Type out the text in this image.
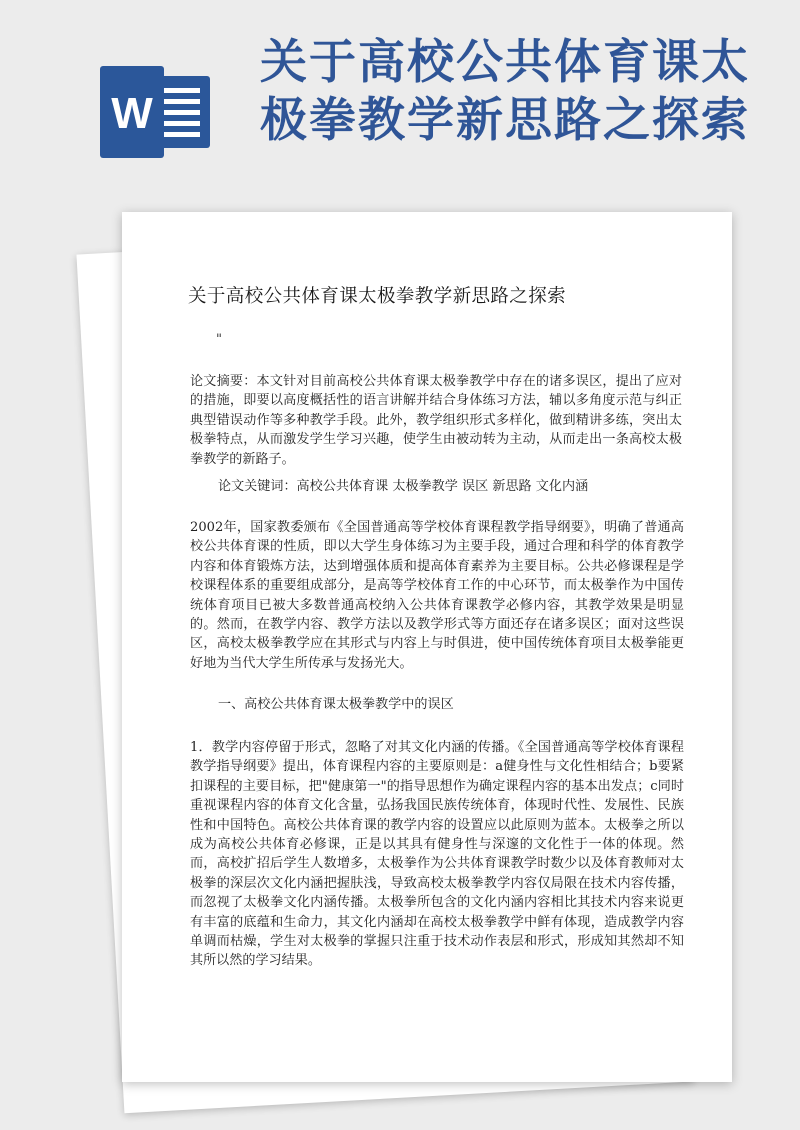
关于高校公共体育课太极拳教学新思路之探索
W
关于高校公共体育课太极拳教学新思路之探索
"

论文摘要：本文针对目前高校公共体育课太极拳教学中存在的诸多误区，提出了应对的措施，即要以高度概括性的语言讲解并结合身体练习方法，辅以多角度示范与纠正典型错误动作等多种教学手段。此外，教学组织形式多样化，做到精讲多练，突出太极拳特点，从而激发学生学习兴趣，使学生由被动转为主动，从而走出一条高校太极拳教学的新路子。

论文关键词：高校公共体育课 太极拳教学 误区 新思路 文化内涵

2002年，国家教委颁布《全国普通高等学校体育课程教学指导纲要》，明确了普通高校公共体育课的性质，即以大学生身体练习为主要手段，通过合理和科学的体育教学内容和体育锻炼方法，达到增强体质和提高体育素养为主要目标。公共必修课程是学校课程体系的重要组成部分，是高等学校体育工作的中心环节，而太极拳作为中国传统体育项目已被大多数普通高校纳入公共体育课教学必修内容，其教学效果是明显的。然而，在教学内容、教学方法以及教学形式等方面还存在诸多误区；面对这些误区，高校太极拳教学应在其形式与内容上与时俱进，使中国传统体育项目太极拳能更好地为当代大学生所传承与发扬光大。

一、高校公共体育课太极拳教学中的误区

1．教学内容停留于形式，忽略了对其文化内涵的传播。《全国普通高等学校体育课程教学指导纲要》提出，体育课程内容的主要原则是：a健身性与文化性相结合；b要紧扣课程的主要目标，把"健康第一"的指导思想作为确定课程内容的基本出发点；c同时重视课程内容的体育文化含量，弘扬我国民族传统体育，体现时代性、发展性、民族性和中国特色。高校公共体育课的教学内容的设置应以此原则为蓝本。太极拳之所以成为高校公共体育必修课，正是以其具有健身性与深邃的文化性于一体的体现。然而，高校扩招后学生人数增多，太极拳作为公共体育课教学时数少以及体育教师对太极拳的深层次文化内涵把握肤浅，导致高校太极拳教学内容仅局限在技术内容传播，而忽视了太极拳文化内涵传播。太极拳所包含的文化内涵内容相比其技术内容来说更有丰富的底蕴和生命力，其文化内涵却在高校太极拳教学中鲜有体现，造成教学内容单调而枯燥，学生对太极拳的掌握只注重于技术动作表层和形式，形成知其然却不知其所以然的学习结果。
